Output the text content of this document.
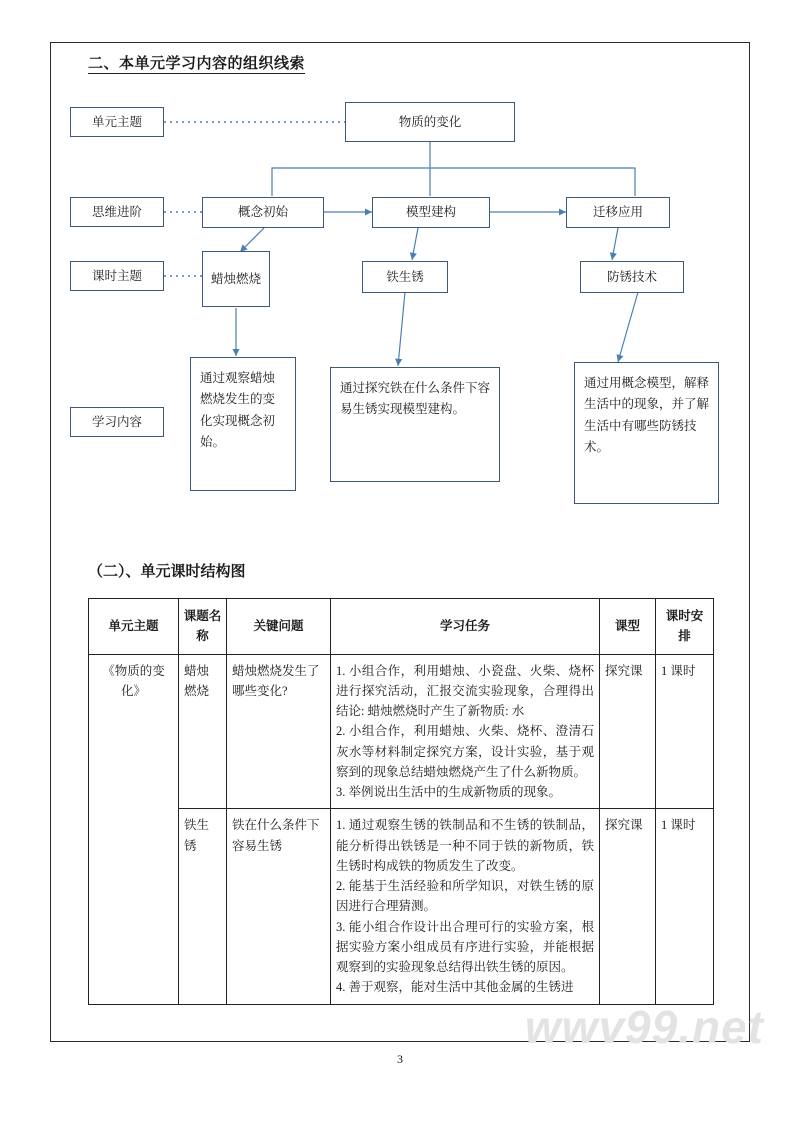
二、本单元学习内容的组织线索
单元主题
思维进阶
课时主题
学习内容
物质的变化
概念初始	模型建构	迁移应用
蜡烛燃烧	铁生锈	防锈技术
通过观察蜡烛燃烧发生的变化实现概念初始。
通过探究铁在什么条件下容易生锈实现模型建构。
通过用概念模型，解释生活中的现象，并了解生活中有哪些防锈技术。
（二）、单元课时结构图
单元主题	课题名称	关键问题	学习任务	课型	课时安排
《物质的变化》	蜡烛燃烧	蜡烛燃烧发生了哪些变化?	1. 小组合作，利用蜡烛、小瓷盘、火柴、烧杯进行探究活动，汇报交流实验现象，合理得出结论: 蜡烛燃烧时产生了新物质: 水

2. 小组合作，利用蜡烛、火柴、烧杯、澄清石灰水等材料制定探究方案，设计实验，基于观察到的现象总结蜡烛燃烧产生了什么新物质。

3. 举例说出生活中的生成新物质的现象。	探究课	1 课时
	铁生锈	铁在什么条件下容易生锈	1. 通过观察生锈的铁制品和不生锈的铁制品，能分析得出铁锈是一种不同于铁的新物质，铁生锈时构成铁的物质发生了改变。

2. 能基于生活经验和所学知识，对铁生锈的原因进行合理猜测。

3. 能小组合作设计出合理可行的实验方案，根据实验方案小组成员有序进行实验，并能根据观察到的实验现象总结得出铁生锈的原因。

4. 善于观察，能对生活中其他金属的生锈进	探究课	1 课时
wwv99.net
3
